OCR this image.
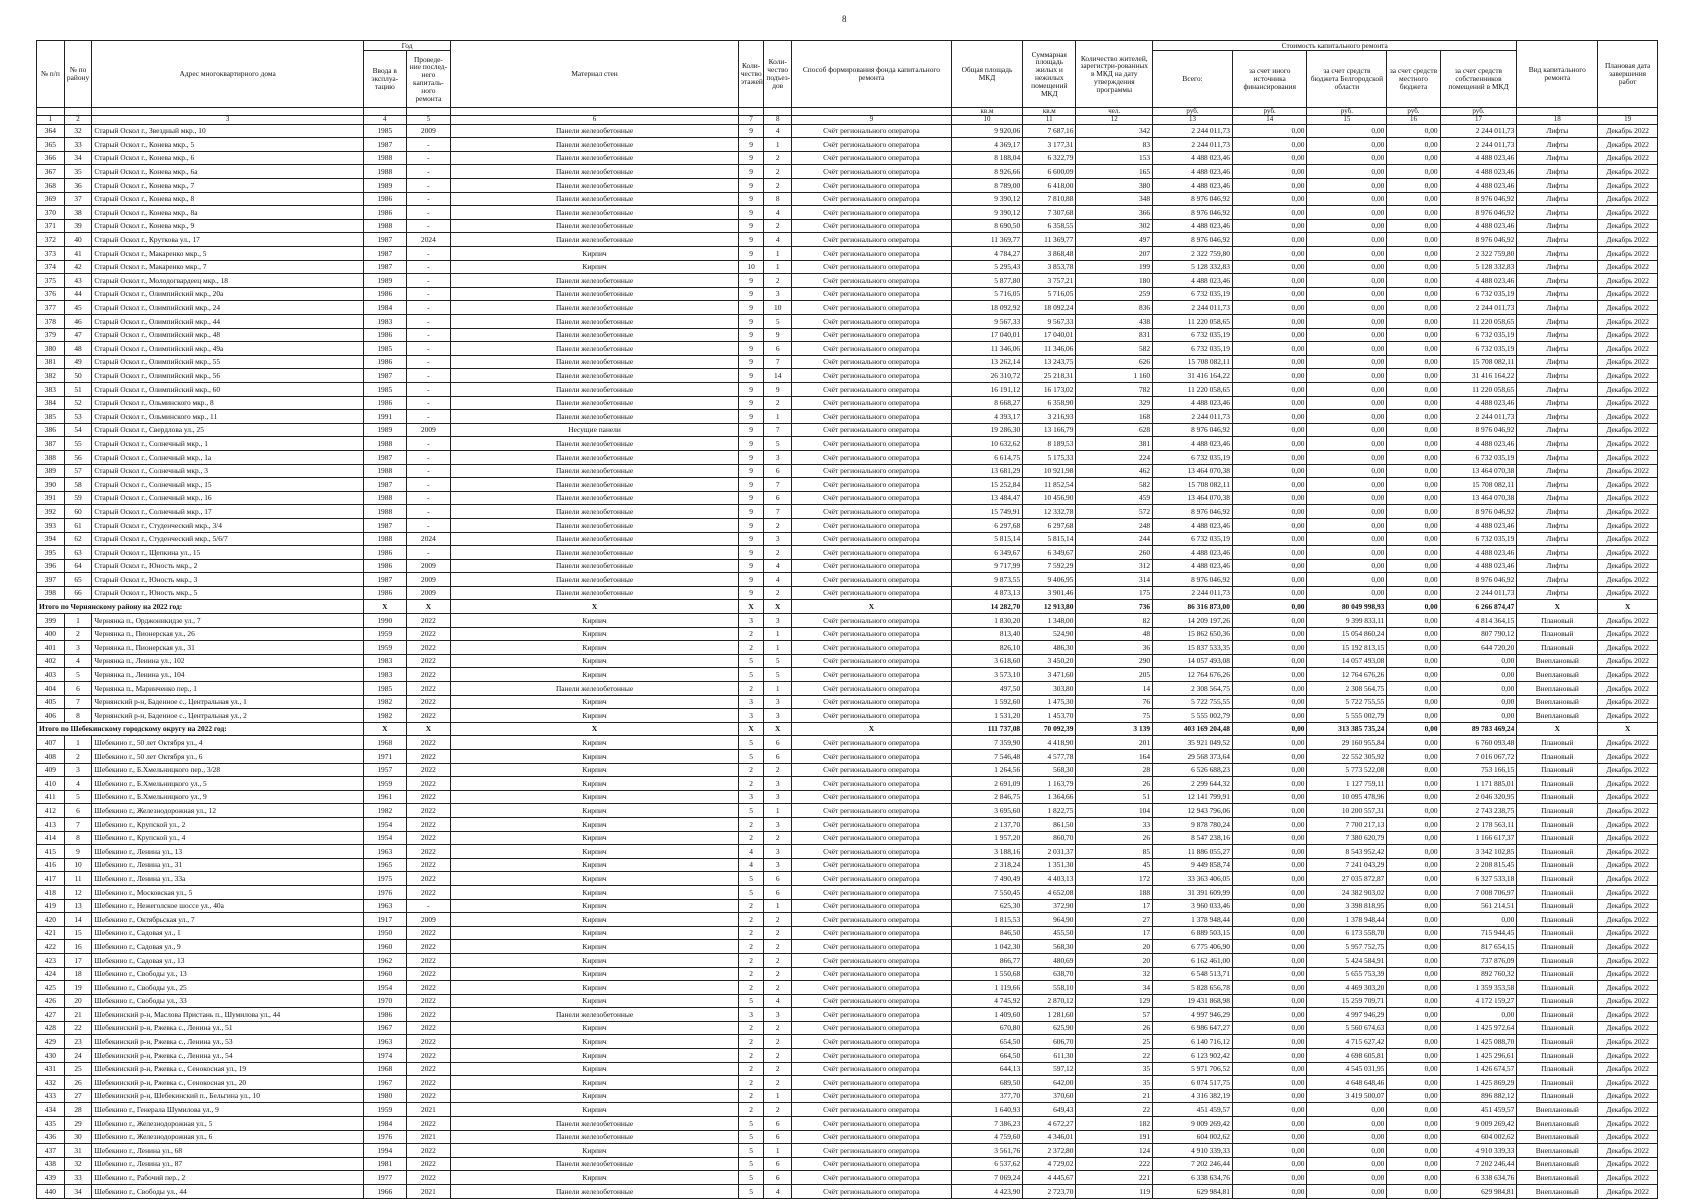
8
№ п/п	№ по району	Адрес многоквартирного дома	Год		Материал стен	Коли-чество этажей	Коли-чество подъез-дов	Способ формирования фонда капитального ремонта	Общая площадь МКД	Суммарная площадь жилых и нежилых помещений МКД	Количество жителей, зарегистри-рованных в МКД на дату утверждения программы	Стоимость капитального ремонта					Вид капитального ремонта	Плановая дата завершения работ
			Ввода в эксплуа-тацию	Проведе-ние послед-него капиталь-ного ремонта								Всего:	за счет иного источника финансирования	за счет средств бюджета Белгородской области	за счет средств местного бюджета	за счет средств собственников помещений в МКД		
									кв.м	кв.м	чел.	руб.	руб.	руб.	руб.	руб.		
1	2	3	4	5	6	7	8	9	10	11	12	13	14	15	16	17	18	19
364	32	Старый Оскол г., Звездный мкр., 10	1985	2009	Панели железобетонные	9	4	Счёт регионального оператора	9 920,06	7 687,16	342	2 244 011,73	0,00	0,00	0,00	2 244 011,73	Лифты	Декабрь 2022
365	33	Старый Оскол г., Конева мкр., 5	1987	-	Панели железобетонные	9	1	Счёт регионального оператора	4 369,17	3 177,31	83	2 244 011,73	0,00	0,00	0,00	2 244 011,73	Лифты	Декабрь 2022
366	34	Старый Оскол г., Конева мкр., 6	1988	-	Панели железобетонные	9	2	Счёт регионального оператора	8 188,04	6 322,79	153	4 488 023,46	0,00	0,00	0,00	4 488 023,46	Лифты	Декабрь 2022
367	35	Старый Оскол г., Конева мкр., 6а	1988	-	Панели железобетонные	9	2	Счёт регионального оператора	8 926,66	6 600,09	165	4 488 023,46	0,00	0,00	0,00	4 488 023,46	Лифты	Декабрь 2022
368	36	Старый Оскол г., Конева мкр., 7	1989	-	Панели железобетонные	9	2	Счёт регионального оператора	8 789,00	6 418,00	380	4 488 023,46	0,00	0,00	0,00	4 488 023,46	Лифты	Декабрь 2022
369	37	Старый Оскол г., Конева мкр., 8	1986	-	Панели железобетонные	9	8	Счёт регионального оператора	9 390,12	7 810,88	348	8 976 046,92	0,00	0,00	0,00	8 976 046,92	Лифты	Декабрь 2022
370	38	Старый Оскол г., Конева мкр., 8а	1986	-	Панели железобетонные	9	4	Счёт регионального оператора	9 390,12	7 307,68	366	8 976 046,92	0,00	0,00	0,00	8 976 046,92	Лифты	Декабрь 2022
371	39	Старый Оскол г., Конева мкр., 9	1988	-	Панели железобетонные	9	2	Счёт регионального оператора	8 690,50	6 358,55	302	4 488 023,46	0,00	0,00	0,00	4 488 023,46	Лифты	Декабрь 2022
372	40	Старый Оскол г., Круткова ул., 17	1987	2024	Панели железобетонные	9	4	Счёт регионального оператора	11 369,77	11 369,77	497	8 976 046,92	0,00	0,00	0,00	8 976 046,92	Лифты	Декабрь 2022
373	41	Старый Оскол г., Макаренко мкр., 5	1987	-	Кирпич	9	1	Счёт регионального оператора	4 784,27	3 868,48	207	2 322 759,80	0,00	0,00	0,00	2 322 759,80	Лифты	Декабрь 2022
374	42	Старый Оскол г., Макаренко мкр., 7	1987	-	Кирпич	10	1	Счёт регионального оператора	5 295,43	3 853,78	199	5 128 332,83	0,00	0,00	0,00	5 128 332,83	Лифты	Декабрь 2022
375	43	Старый Оскол г., Молодогвардеец мкр., 18	1989	-	Панели железобетонные	9	2	Счёт регионального оператора	5 877,80	3 757,21	180	4 488 023,46	0,00	0,00	0,00	4 488 023,46	Лифты	Декабрь 2022
376	44	Старый Оскол г., Олимпийский мкр., 20а	1986	-	Панели железобетонные	9	3	Счёт регионального оператора	5 716,05	5 716,05	259	6 732 035,19	0,00	0,00	0,00	6 732 035,19	Лифты	Декабрь 2022
377	45	Старый Оскол г., Олимпийский мкр., 24	1984	-	Панели железобетонные	9	10	Счёт регионального оператора	18 092,92	18 092,24	836	2 244 011,73	0,00	0,00	0,00	2 244 011,73	Лифты	Декабрь 2022
378	46	Старый Оскол г., Олимпийский мкр., 44	1983	-	Панели железобетонные	9	5	Счёт регионального оператора	9 567,33	9 567,33	438	11 220 058,65	0,00	0,00	0,00	11 220 058,65	Лифты	Декабрь 2022
379	47	Старый Оскол г., Олимпийский мкр., 48	1986	-	Панели железобетонные	9	9	Счёт регионального оператора	17 040,01	17 040,01	831	6 732 035,19	0,00	0,00	0,00	6 732 035,19	Лифты	Декабрь 2022
380	48	Старый Оскол г., Олимпийский мкр., 49а	1985	-	Панели железобетонные	9	6	Счёт регионального оператора	11 346,06	11 346,06	582	6 732 035,19	0,00	0,00	0,00	6 732 035,19	Лифты	Декабрь 2022
381	49	Старый Оскол г., Олимпийский мкр., 55	1986	-	Панели железобетонные	9	7	Счёт регионального оператора	13 262,14	13 243,75	626	15 708 082,11	0,00	0,00	0,00	15 708 082,11	Лифты	Декабрь 2022
382	50	Старый Оскол г., Олимпийский мкр., 56	1987	-	Панели железобетонные	9	14	Счёт регионального оператора	26 310,72	25 218,31	1 160	31 416 164,22	0,00	0,00	0,00	31 416 164,22	Лифты	Декабрь 2022
383	51	Старый Оскол г., Олимпийский мкр., 60	1985	-	Панели железобетонные	9	9	Счёт регионального оператора	16 191,12	16 173,02	782	11 220 058,65	0,00	0,00	0,00	11 220 058,65	Лифты	Декабрь 2022
384	52	Старый Оскол г., Ольминского мкр., 8	1986	-	Панели железобетонные	9	2	Счёт регионального оператора	8 668,27	6 358,90	329	4 488 023,46	0,00	0,00	0,00	4 488 023,46	Лифты	Декабрь 2022
385	53	Старый Оскол г., Ольминского мкр., 11	1991	-	Панели железобетонные	9	1	Счёт регионального оператора	4 393,17	3 216,93	168	2 244 011,73	0,00	0,00	0,00	2 244 011,73	Лифты	Декабрь 2022
386	54	Старый Оскол г., Свердлова ул., 25	1989	2009	Несущие панели	9	7	Счёт регионального оператора	19 286,30	13 166,79	628	8 976 046,92	0,00	0,00	0,00	8 976 046,92	Лифты	Декабрь 2022
387	55	Старый Оскол г., Солнечный мкр., 1	1988	-	Панели железобетонные	9	5	Счёт регионального оператора	10 632,62	8 189,53	381	4 488 023,46	0,00	0,00	0,00	4 488 023,46	Лифты	Декабрь 2022
388	56	Старый Оскол г., Солнечный мкр., 1а	1987	-	Панели железобетонные	9	3	Счёт регионального оператора	6 614,75	5 175,33	224	6 732 035,19	0,00	0,00	0,00	6 732 035,19	Лифты	Декабрь 2022
389	57	Старый Оскол г., Солнечный мкр., 3	1988	-	Панели железобетонные	9	6	Счёт регионального оператора	13 681,29	10 921,98	462	13 464 070,38	0,00	0,00	0,00	13 464 070,38	Лифты	Декабрь 2022
390	58	Старый Оскол г., Солнечный мкр., 15	1987	-	Панели железобетонные	9	7	Счёт регионального оператора	15 252,84	11 852,54	582	15 708 082,11	0,00	0,00	0,00	15 708 082,11	Лифты	Декабрь 2022
391	59	Старый Оскол г., Солнечный мкр., 16	1988	-	Панели железобетонные	9	6	Счёт регионального оператора	13 484,47	10 456,90	459	13 464 070,38	0,00	0,00	0,00	13 464 070,38	Лифты	Декабрь 2022
392	60	Старый Оскол г., Солнечный мкр., 17	1988	-	Панели железобетонные	9	7	Счёт регионального оператора	15 749,91	12 332,78	572	8 976 046,92	0,00	0,00	0,00	8 976 046,92	Лифты	Декабрь 2022
393	61	Старый Оскол г., Студенческий мкр., 3/4	1987	-	Панели железобетонные	9	2	Счёт регионального оператора	6 297,68	6 297,68	248	4 488 023,46	0,00	0,00	0,00	4 488 023,46	Лифты	Декабрь 2022
394	62	Старый Оскол г., Студенческий мкр., 5/6/7	1988	2024	Панели железобетонные	9	3	Счёт регионального оператора	5 815,14	5 815,14	244	6 732 035,19	0,00	0,00	0,00	6 732 035,19	Лифты	Декабрь 2022
395	63	Старый Оскол г., Щепкина ул., 15	1986	-	Панели железобетонные	9	2	Счёт регионального оператора	6 349,67	6 349,67	260	4 488 023,46	0,00	0,00	0,00	4 488 023,46	Лифты	Декабрь 2022
396	64	Старый Оскол г., Юность мкр., 2	1986	2009	Панели железобетонные	9	4	Счёт регионального оператора	9 717,99	7 592,29	312	4 488 023,46	0,00	0,00	0,00	4 488 023,46	Лифты	Декабрь 2022
397	65	Старый Оскол г., Юность мкр., 3	1987	2009	Панели железобетонные	9	4	Счёт регионального оператора	9 873,55	9 406,95	314	8 976 046,92	0,00	0,00	0,00	8 976 046,92	Лифты	Декабрь 2022
398	66	Старый Оскол г., Юность мкр., 5	1986	2009	Панели железобетонные	9	2	Счёт регионального оператора	4 873,13	3 901,46	175	2 244 011,73	0,00	0,00	0,00	2 244 011,73	Лифты	Декабрь 2022
Итого по Чернянскому району на 2022 год:			X	X	X	X	X	X	14 282,70	12 913,80	736	86 316 873,00	0,00	80 049 998,93	0,00	6 266 874,47	X	X
399	1	Чернянка п., Орджоникидзе ул., 7	1990	2022	Кирпич	3	3	Счёт регионального оператора	1 830,20	1 348,00	82	14 209 197,26	0,00	9 399 833,11	0,00	4 814 364,15	Плановый	Декабрь 2022
400	2	Чернянка п., Пионерская ул., 26	1959	2022	Кирпич	2	1	Счёт регионального оператора	813,40	524,90	48	15 862 650,36	0,00	15 054 860,24	0,00	807 790,12	Плановый	Декабрь 2022
401	3	Чернянка п., Пионерская ул., 31	1959	2022	Кирпич	2	1	Счёт регионального оператора	826,10	486,30	36	15 837 533,35	0,00	15 192 813,15	0,00	644 720,20	Плановый	Декабрь 2022
402	4	Чернянка п., Ленина ул., 102	1983	2022	Кирпич	5	5	Счёт регионального оператора	3 618,60	3 450,20	290	14 057 493,08	0,00	14 057 493,08	0,00	0,00	Внеплановый	Декабрь 2022
403	5	Чернянка п., Ленина ул., 104	1983	2022	Кирпич	5	5	Счёт регионального оператора	3 573,10	3 471,60	205	12 764 676,26	0,00	12 764 676,26	0,00	0,00	Внеплановый	Декабрь 2022
404	6	Чернянка п., Маринченко пер., 1	1985	2022	Панели железобетонные	2	1	Счёт регионального оператора	497,50	303,80	14	2 308 564,75	0,00	2 308 564,75	0,00	0,00	Внеплановый	Декабрь 2022
405	7	Чернянский р-н, Баденное с., Центральная ул., 1	1982	2022	Кирпич	3	3	Счёт регионального оператора	1 592,60	1 475,30	76	5 722 755,55	0,00	5 722 755,55	0,00	0,00	Внеплановый	Декабрь 2022
406	8	Чернянский р-н, Баденное с., Центральная ул., 2	1982	2022	Кирпич	3	3	Счёт регионального оператора	1 531,20	1 453,70	75	5 555 002,79	0,00	5 555 002,79	0,00	0,00	Внеплановый	Декабрь 2022
Итого по Шебекинскому городскому округу на 2022 год:			X	X	X	X	X	X	111 737,08	70 092,39	3 139	403 169 204,48	0,00	313 385 735,24	0,00	89 783 469,24	X	X
407	1	Шебекино г., 50 лет Октября ул., 4	1968	2022	Кирпич	5	6	Счёт регионального оператора	7 359,90	4 418,90	201	35 921 049,52	0,00	29 160 955,84	0,00	6 760 093,48	Плановый	Декабрь 2022
408	2	Шебекино г., 50 лет Октября ул., 6	1971	2022	Кирпич	5	6	Счёт регионального оператора	7 546,48	4 577,78	164	29 568 373,64	0,00	22 552 305,92	0,00	7 016 067,72	Плановый	Декабрь 2022
409	3	Шебекино г., Б.Хмельницкого пер., 3/28	1957	2022	Кирпич	2	2	Счёт регионального оператора	1 264,56	568,30	28	6 526 688,23	0,00	5 773 522,08	0,00	753 166,15	Плановый	Декабрь 2022
410	4	Шебекино г., Б.Хмельницкого ул., 5	1959	2022	Кирпич	2	3	Счёт регионального оператора	2 691,09	1 163,79	26	2 299 644,32	0,00	1 127 759,11	0,00	1 171 885,01	Плановый	Декабрь 2022
411	5	Шебекино г., Б.Хмельницкого ул., 9	1961	2022	Кирпич	3	3	Счёт регионального оператора	2 846,75	1 364,66	51	12 141 799,91	0,00	10 095 478,96	0,00	2 046 320,95	Плановый	Декабрь 2022
412	6	Шебекино г., Железнодорожная ул., 12	1982	2022	Кирпич	5	1	Счёт регионального оператора	3 695,60	1 822,75	104	12 943 796,06	0,00	10 200 557,31	0,00	2 743 238,75	Плановый	Декабрь 2022
413	7	Шебекино г., Крупской ул., 2	1954	2022	Кирпич	2	3	Счёт регионального оператора	2 137,70	861,50	33	9 878 780,24	0,00	7 700 217,13	0,00	2 178 563,11	Плановый	Декабрь 2022
414	8	Шебекино г., Крупской ул., 4	1954	2022	Кирпич	2	2	Счёт регионального оператора	1 957,20	860,70	26	8 547 238,16	0,00	7 380 620,79	0,00	1 166 617,37	Плановый	Декабрь 2022
415	9	Шебекино г., Ленина ул., 13	1963	2022	Кирпич	4	3	Счёт регионального оператора	3 188,16	2 031,37	85	11 886 055,27	0,00	8 543 952,42	0,00	3 342 102,85	Плановый	Декабрь 2022
416	10	Шебекино г., Ленина ул., 31	1965	2022	Кирпич	4	3	Счёт регионального оператора	2 318,24	1 351,30	45	9 449 858,74	0,00	7 241 043,29	0,00	2 208 815,45	Плановый	Декабрь 2022
417	11	Шебекино г., Ленина ул., 33а	1975	2022	Кирпич	5	6	Счёт регионального оператора	7 490,49	4 403,13	172	33 363 406,05	0,00	27 035 872,87	0,00	6 327 533,18	Плановый	Декабрь 2022
418	12	Шебекино г., Московская ул., 5	1976	2022	Кирпич	5	6	Счёт регионального оператора	7 550,45	4 652,08	188	31 391 609,99	0,00	24 382 903,02	0,00	7 008 706,97	Плановый	Декабрь 2022
419	13	Шебекино г., Нежеголское шоссе ул., 40а	1963	-	Кирпич	2	1	Счёт регионального оператора	625,30	372,90	17	3 960 033,46	0,00	3 398 818,95	0,00	561 214,51	Плановый	Декабрь 2022
420	14	Шебекино г., Октябрьская ул., 7	1917	2009	Кирпич	2	2	Счёт регионального оператора	1 815,53	964,90	27	1 378 948,44	0,00	1 378 948,44	0,00	0,00	Плановый	Декабрь 2022
421	15	Шебекино г., Садовая ул., 1	1950	2022	Кирпич	2	2	Счёт регионального оператора	846,50	455,50	17	6 889 503,15	0,00	6 173 558,70	0,00	715 944,45	Плановый	Декабрь 2022
422	16	Шебекино г., Садовая ул., 9	1960	2022	Кирпич	2	2	Счёт регионального оператора	1 042,30	568,30	20	6 775 406,90	0,00	5 957 752,75	0,00	817 654,15	Плановый	Декабрь 2022
423	17	Шебекино г., Садовая ул., 13	1962	2022	Кирпич	2	2	Счёт регионального оператора	866,77	480,69	20	6 162 461,00	0,00	5 424 584,91	0,00	737 876,09	Плановый	Декабрь 2022
424	18	Шебекино г., Свободы ул., 13	1960	2022	Кирпич	2	2	Счёт регионального оператора	1 550,68	638,70	32	6 548 513,71	0,00	5 655 753,39	0,00	892 760,32	Плановый	Декабрь 2022
425	19	Шебекино г., Свободы ул., 25	1954	2022	Кирпич	2	2	Счёт регионального оператора	1 119,66	558,10	34	5 828 656,78	0,00	4 469 303,20	0,00	1 359 353,58	Плановый	Декабрь 2022
426	20	Шебекино г., Свободы ул., 33	1970	2022	Кирпич	5	4	Счёт регионального оператора	4 745,92	2 870,12	129	19 431 868,98	0,00	15 259 709,71	0,00	4 172 159,27	Плановый	Декабрь 2022
427	21	Шебекинский р-н, Маслова Пристань п., Шумилова ул., 44	1986	2022	Панели железобетонные	3	3	Счёт регионального оператора	1 409,60	1 281,60	57	4 997 946,29	0,00	4 997 946,29	0,00	0,00	Плановый	Декабрь 2022
428	22	Шебекинский р-н, Ржевка с., Ленина ул., 51	1967	2022	Кирпич	2	2	Счёт регионального оператора	670,80	625,90	26	6 986 647,27	0,00	5 560 674,63	0,00	1 425 972,64	Плановый	Декабрь 2022
429	23	Шебекинский р-н, Ржевка с., Ленина ул., 53	1963	2022	Кирпич	2	2	Счёт регионального оператора	654,50	606,70	25	6 140 716,12	0,00	4 715 627,42	0,00	1 425 088,70	Плановый	Декабрь 2022
430	24	Шебекинский р-н, Ржевка с., Ленина ул., 54	1974	2022	Кирпич	2	2	Счёт регионального оператора	664,50	611,30	22	6 123 902,42	0,00	4 698 605,81	0,00	1 425 296,61	Плановый	Декабрь 2022
431	25	Шебекинский р-н, Ржевка с., Сенокосная ул., 19	1968	2022	Кирпич	2	2	Счёт регионального оператора	644,13	597,12	35	5 971 706,52	0,00	4 545 031,95	0,00	1 426 674,57	Плановый	Декабрь 2022
432	26	Шебекинский р-н, Ржевка с., Сенокосная ул., 20	1967	2022	Кирпич	2	2	Счёт регионального оператора	689,50	642,00	35	6 074 517,75	0,00	4 648 648,46	0,00	1 425 869,29	Плановый	Декабрь 2022
433	27	Шебекинский р-н, Шебекинский п., Бельгина ул., 10	1980	2022	Кирпич	2	1	Счёт регионального оператора	377,70	370,60	21	4 316 382,19	0,00	3 419 500,07	0,00	896 882,12	Плановый	Декабрь 2022
434	28	Шебекино г., Генерала Шумилова ул., 9	1959	2021	Кирпич	2	2	Счёт регионального оператора	1 640,93	649,43	22	451 459,57	0,00	0,00	0,00	451 459,57	Внеплановый	Декабрь 2022
435	29	Шебекино г., Железнодорожная ул., 5	1984	2022	Панели железобетонные	5	6	Счёт регионального оператора	7 386,23	4 672,27	182	9 009 269,42	0,00	0,00	0,00	9 009 269,42	Внеплановый	Декабрь 2022
436	30	Шебекино г., Железнодорожная ул., 6	1976	2021	Панели железобетонные	5	6	Счёт регионального оператора	4 759,60	4 346,01	191	604 002,62	0,00	0,00	0,00	604 002,62	Внеплановый	Декабрь 2022
437	31	Шебекино г., Ленина ул., 68	1994	2022	Кирпич	5	1	Счёт регионального оператора	3 561,76	2 372,80	124	4 910 339,33	0,00	0,00	0,00	4 910 339,33	Внеплановый	Декабрь 2022
438	32	Шебекино г., Ленина ул., 87	1981	2022	Панели железобетонные	5	6	Счёт регионального оператора	6 537,62	4 729,02	222	7 202 246,44	0,00	0,00	0,00	7 202 246,44	Внеплановый	Декабрь 2022
439	33	Шебекино г., Рабочий пер., 2	1977	2022	Кирпич	5	6	Счёт регионального оператора	7 069,24	4 445,67	221	6 338 634,76	0,00	0,00	0,00	6 338 634,76	Внеплановый	Декабрь 2022
440	34	Шебекино г., Свободы ул., 44	1966	2021	Панели железобетонные	5	4	Счёт регионального оператора	4 423,90	2 723,70	119	629 984,81	0,00	0,00	0,00	629 984,81	Внеплановый	Декабрь 2022
